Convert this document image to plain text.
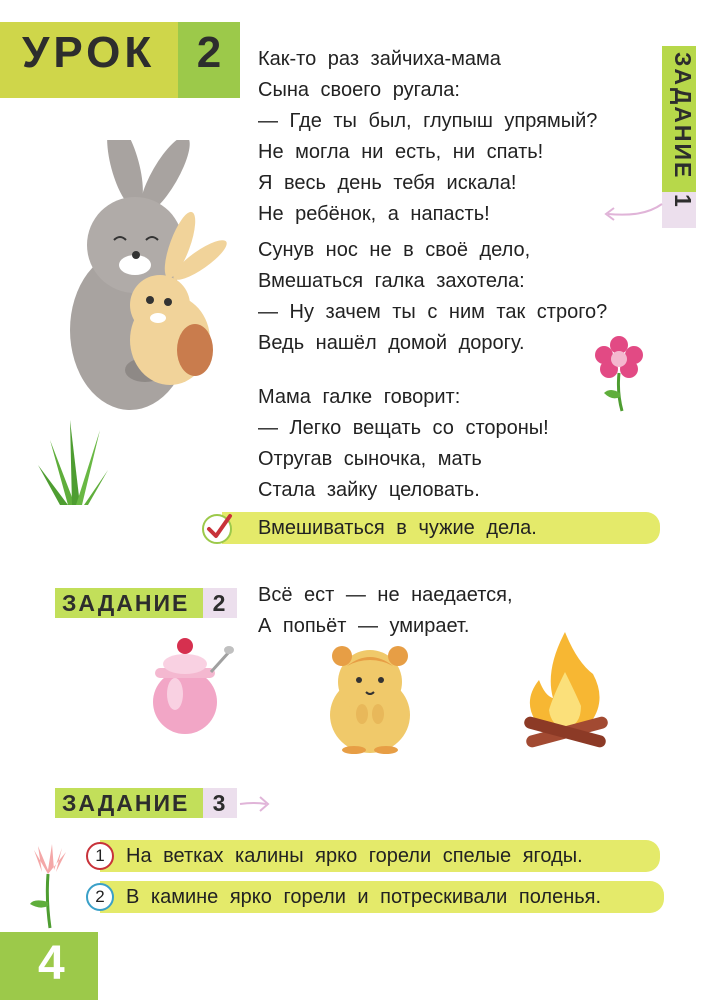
УРОК 2	ЗАДАНИЕ
1
Как-то раз зайчиха-мама
Сына своего ругала:
— Где ты был, глупыш упрямый?
Не могла ни есть, ни спать!
Я весь день тебя искала!
Не ребёнок, а напасть!
Сунув нос не в своё дело,
Вмешаться галка захотела:
— Ну зачем ты с ним так строго?
Ведь нашёл домой дорогу.
Мама галке говорит:
— Легко вещать со стороны!
Отругав сыночка, мать
Стала зайку целовать.
Вмешиваться в чужие дела.
ЗАДАНИЕ	2	Всё ест — не наедается,
А попьёт — умирает.
ЗАДАНИЕ	3
1	На ветках калины ярко горели спелые ягоды.
2	В камине ярко горели и потрескивали поленья.
4
